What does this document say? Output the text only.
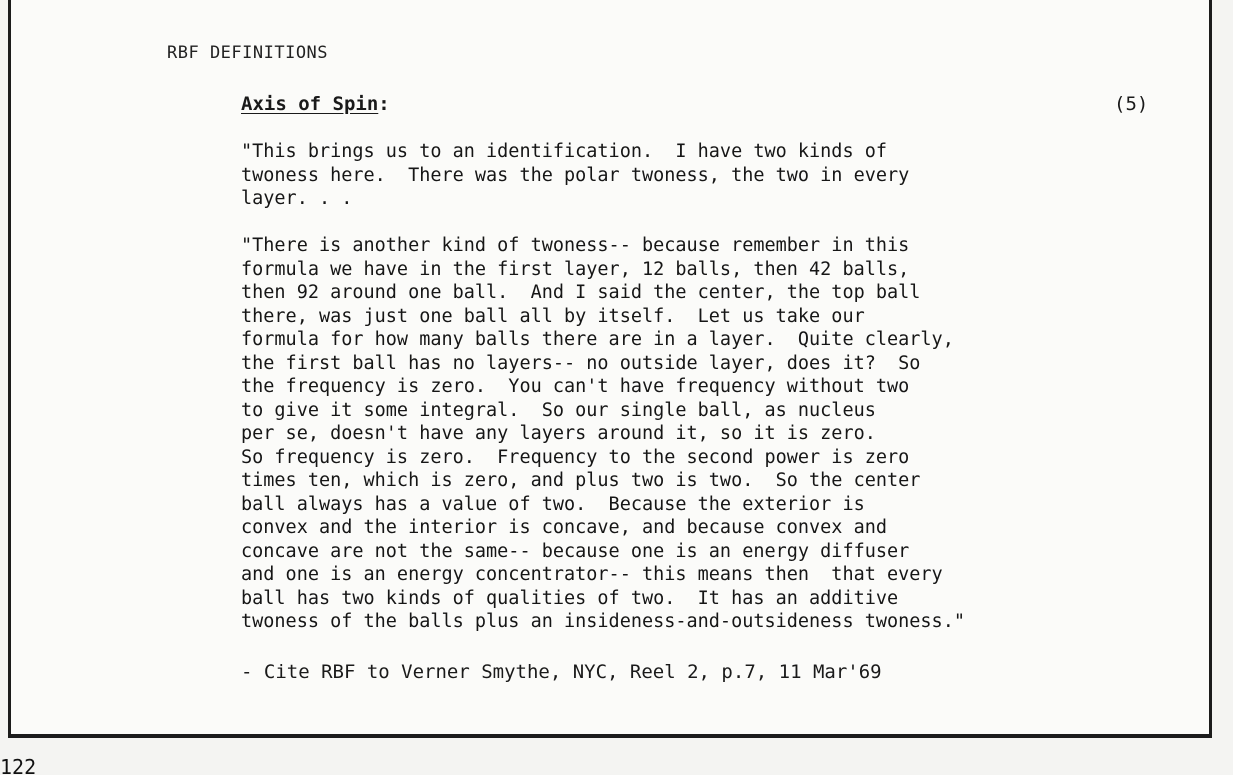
RBF DEFINITIONS
Axis of Spin:	(5)

"This brings us to an identification.  I have two kinds of
twoness here.  There was the polar twoness, the two in every
layer. . .

"There is another kind of twoness-- because remember in this
formula we have in the first layer, 12 balls, then 42 balls,
then 92 around one ball.  And I said the center, the top ball
there, was just one ball all by itself.  Let us take our
formula for how many balls there are in a layer.  Quite clearly,
the first ball has no layers-- no outside layer, does it?  So
the frequency is zero.  You can't have frequency without two
to give it some integral.  So our single ball, as nucleus
per se, doesn't have any layers around it, so it is zero.
So frequency is zero.  Frequency to the second power is zero
times ten, which is zero, and plus two is two.  So the center
ball always has a value of two.  Because the exterior is
convex and the interior is concave, and because convex and
concave are not the same-- because one is an energy diffuser
and one is an energy concentrator-- this means then  that every
ball has two kinds of qualities of two.  It has an additive
twoness of the balls plus an insideness-and-outsideness twoness."

- Cite RBF to Verner Smythe, NYC, Reel 2, p.7, 11 Mar'69

122
